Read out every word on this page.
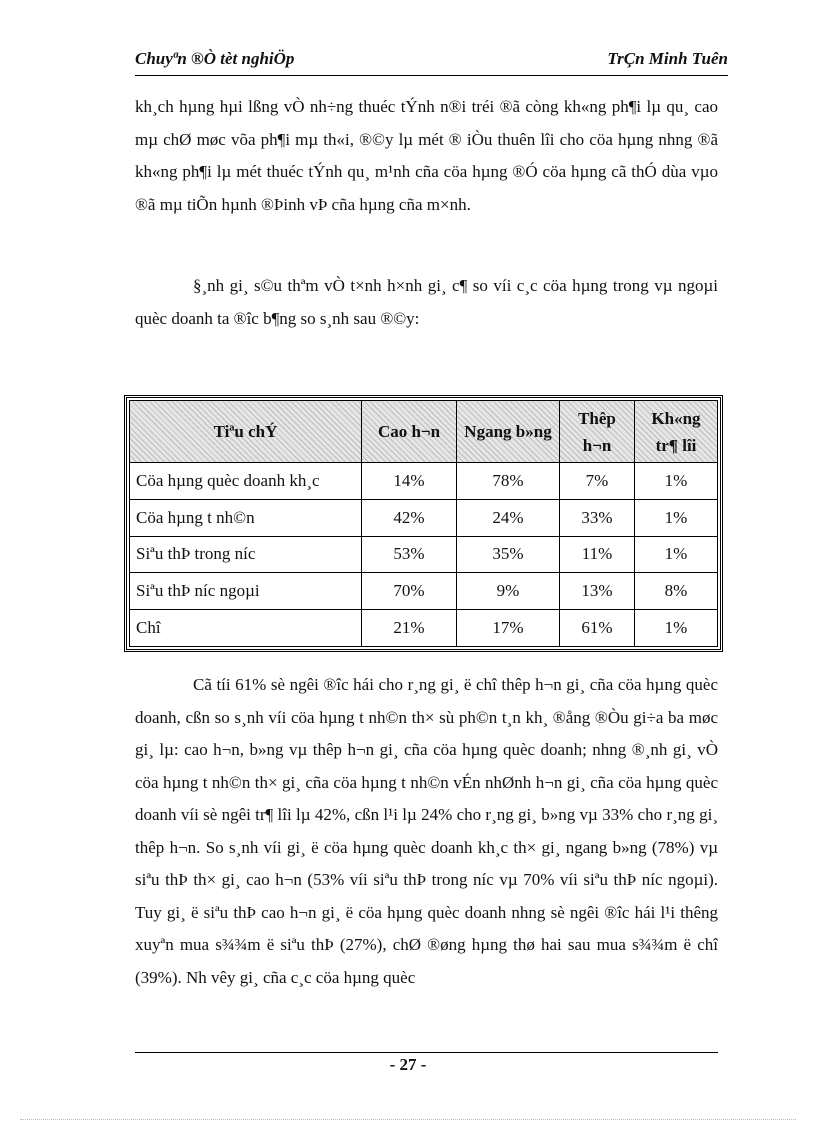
Chuyªn ®Ò tèt nghiÖp	TrÇn Minh Tuên

kh¸ch hµng hµi lßng vÒ nh÷ng thuéc tÝnh n®i tréi ®ã còng kh«ng ph¶i lµ qu¸ cao mµ chØ møc võa ph¶i mµ th«i, ®©y lµ mét ® iÒu thuên lîi cho cöa hµng nhng ®ã kh«ng ph¶i lµ mét thuéc tÝnh qu¸ m¹nh cña cöa hµng ®Ó cöa hµng cã thÓ dùa vµo ®ã mµ tiÕn hµnh ®Þinh vÞ cña hµng cña m×nh.

§¸nh gi¸ s©u thªm vÒ t×nh h×nh gi¸ c¶ so víi c¸c cöa hµng trong vµ ngoµi quèc doanh ta ®îc b¶ng so s¸nh sau ®©y:

Tiªu chÝ	Cao h¬n	Ngang b»ng	Thêp h¬n	Kh«ng tr¶ lîi
Cöa hµng quèc doanh kh¸c	14%	78%	7%	1%
Cöa hµng t nh©n	42%	24%	33%	1%
Siªu thÞ trong níc	53%	35%	11%	1%
Siªu thÞ níc ngoµi	70%	9%	13%	8%
Chî	21%	17%	61%	1%

Cã tíi 61% sè ngêi ®îc hái cho r¸ng gi¸ ë chî thêp h¬n gi¸ cña cöa hµng quèc doanh, cßn so s¸nh víi cöa hµng t nh©n th× sù ph©n t¸n kh¸ ®ång ®Òu gi÷a ba møc gi¸ lµ: cao h¬n, b»ng vµ thêp h¬n gi¸ cña cöa hµng quèc doanh; nhng ®¸nh gi¸ vÒ cöa hµng t nh©n th× gi¸ cña cöa hµng t nh©n vÉn nhØnh h¬n gi¸ cña cöa hµng quèc doanh víi sè ngêi tr¶ lîi lµ 42%, cßn l¹i lµ 24% cho r¸ng gi¸ b»ng vµ 33% cho r¸ng gi¸ thêp h¬n. So s¸nh víi gi¸ ë cöa hµng quèc doanh kh¸c th× gi¸ ngang b»ng (78%) vµ siªu thÞ th× gi¸ cao h¬n (53% víi siªu thÞ trong níc vµ 70% víi siªu thÞ níc ngoµi). Tuy gi¸ ë siªu thÞ cao h¬n gi¸ ë cöa hµng quèc doanh nhng sè ngêi ®îc hái l¹i thêng xuyªn mua s¾¾m ë siªu thÞ (27%), chØ ®øng hµng thø hai sau mua s¾¾m ë chî (39%). Nh vêy gi¸ cña c¸c cöa hµng quèc

- 27 -
